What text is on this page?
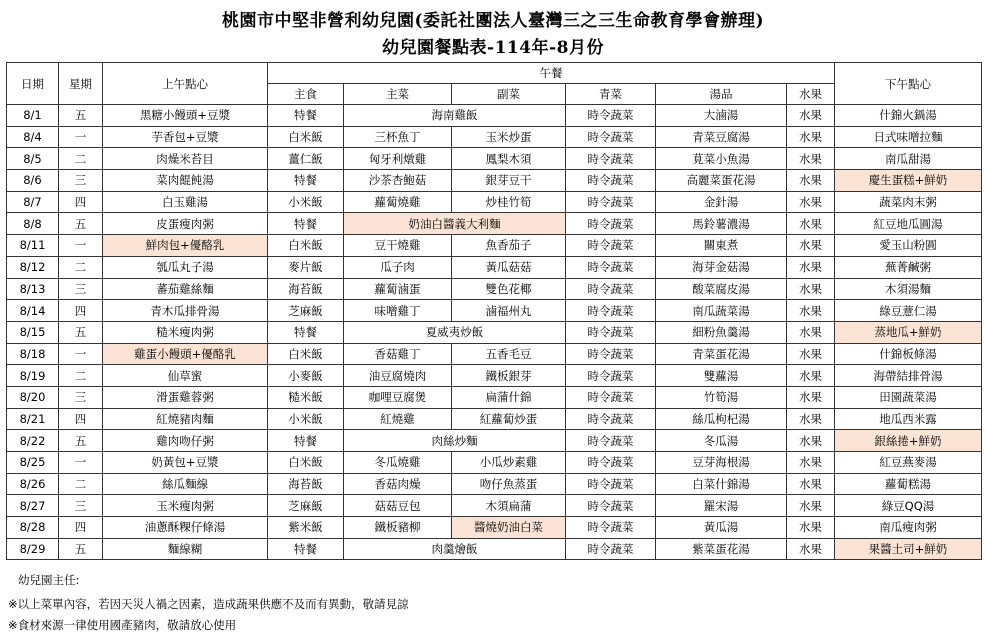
桃園市中堅非營利幼兒園(委託社團法人臺灣三之三生命教育學會辦理)
幼兒園餐點表-114年-8月份
日期	星期	上午點心	午餐						下午點心
			主食	主菜	副菜	青菜	湯品	水果	
8/1	五	黑糖小饅頭+豆漿	特餐	海南雞飯		時令蔬菜	大滷湯	水果	什錦火鍋湯
8/4	一	芋香包+豆漿	白米飯	三杯魚丁	玉米炒蛋	時令蔬菜	青菜豆腐湯	水果	日式味噌拉麵
8/5	二	肉燥米苔目	薑仁飯	匈牙利燉雞	鳳梨木須	時令蔬菜	莧菜小魚湯	水果	南瓜甜湯
8/6	三	菜肉餛飩湯	特餐	沙茶杏鮑菇	銀芽豆干	時令蔬菜	高麗菜蛋花湯	水果	慶生蛋糕+鮮奶
8/7	四	白玉雞湯	小米飯	蘿蔔燒雞	炒桂竹筍	時令蔬菜	金針湯	水果	蔬菜肉末粥
8/8	五	皮蛋瘦肉粥	特餐	奶油白醬義大利麵		時令蔬菜	馬鈴薯濃湯	水果	紅豆地瓜圓湯
8/11	一	鮮肉包+優酪乳	白米飯	豆干燒雞	魚香茄子	時令蔬菜	關東煮	水果	愛玉山粉圓
8/12	二	瓠瓜丸子湯	麥片飯	瓜子肉	黃瓜菇菇	時令蔬菜	海芽金菇湯	水果	蕪菁鹹粥
8/13	三	蕃茄雞絲麵	海苔飯	蘿蔔滷蛋	雙色花椰	時令蔬菜	酸菜腐皮湯	水果	木須湯麵
8/14	四	青木瓜排骨湯	芝麻飯	味噌雞丁	滷福州丸	時令蔬菜	南瓜蔬菜湯	水果	綠豆薏仁湯
8/15	五	糙米瘦肉粥	特餐	夏威夷炒飯		時令蔬菜	細粉魚羹湯	水果	蒸地瓜+鮮奶
8/18	一	雞蛋小饅頭+優酪乳	白米飯	香菇雞丁	五香毛豆	時令蔬菜	青菜蛋花湯	水果	什錦板條湯
8/19	二	仙草蜜	小麥飯	油豆腐燒肉	鐵板銀芽	時令蔬菜	雙蘿湯	水果	海帶結排骨湯
8/20	三	滑蛋雞蓉粥	糙米飯	咖哩豆腐煲	扁蒲什錦	時令蔬菜	竹筍湯	水果	田園蔬菜湯
8/21	四	紅燒豬肉麵	小米飯	紅燒雞	紅蘿蔔炒蛋	時令蔬菜	絲瓜枸杞湯	水果	地瓜西米露
8/22	五	雞肉吻仔粥	特餐	肉絲炒麵		時令蔬菜	冬瓜湯	水果	銀絲捲+鮮奶
8/25	一	奶黃包+豆漿	白米飯	冬瓜燒雞	小瓜炒素雞	時令蔬菜	豆芽海根湯	水果	紅豆燕麥湯
8/26	二	絲瓜麵線	海苔飯	香菇肉燥	吻仔魚蒸蛋	時令蔬菜	白菜什錦湯	水果	蘿蔔糕湯
8/27	三	玉米瘦肉粥	芝麻飯	菇菇豆包	木須扁蒲	時令蔬菜	羅宋湯	水果	綠豆QQ湯
8/28	四	油蔥酥粿仔條湯	紫米飯	鐵板豬柳	醬燒奶油白菜	時令蔬菜	黃瓜湯	水果	南瓜瘦肉粥
8/29	五	麵線糊	特餐	肉羹燴飯		時令蔬菜	紫菜蛋花湯	水果	果醬土司+鮮奶
幼兒園主任:
※以上菜單內容，若因天災人禍之因素，造成蔬果供應不及而有異動，敬請見諒
※食材來源一律使用國產豬肉，敬請放心使用
